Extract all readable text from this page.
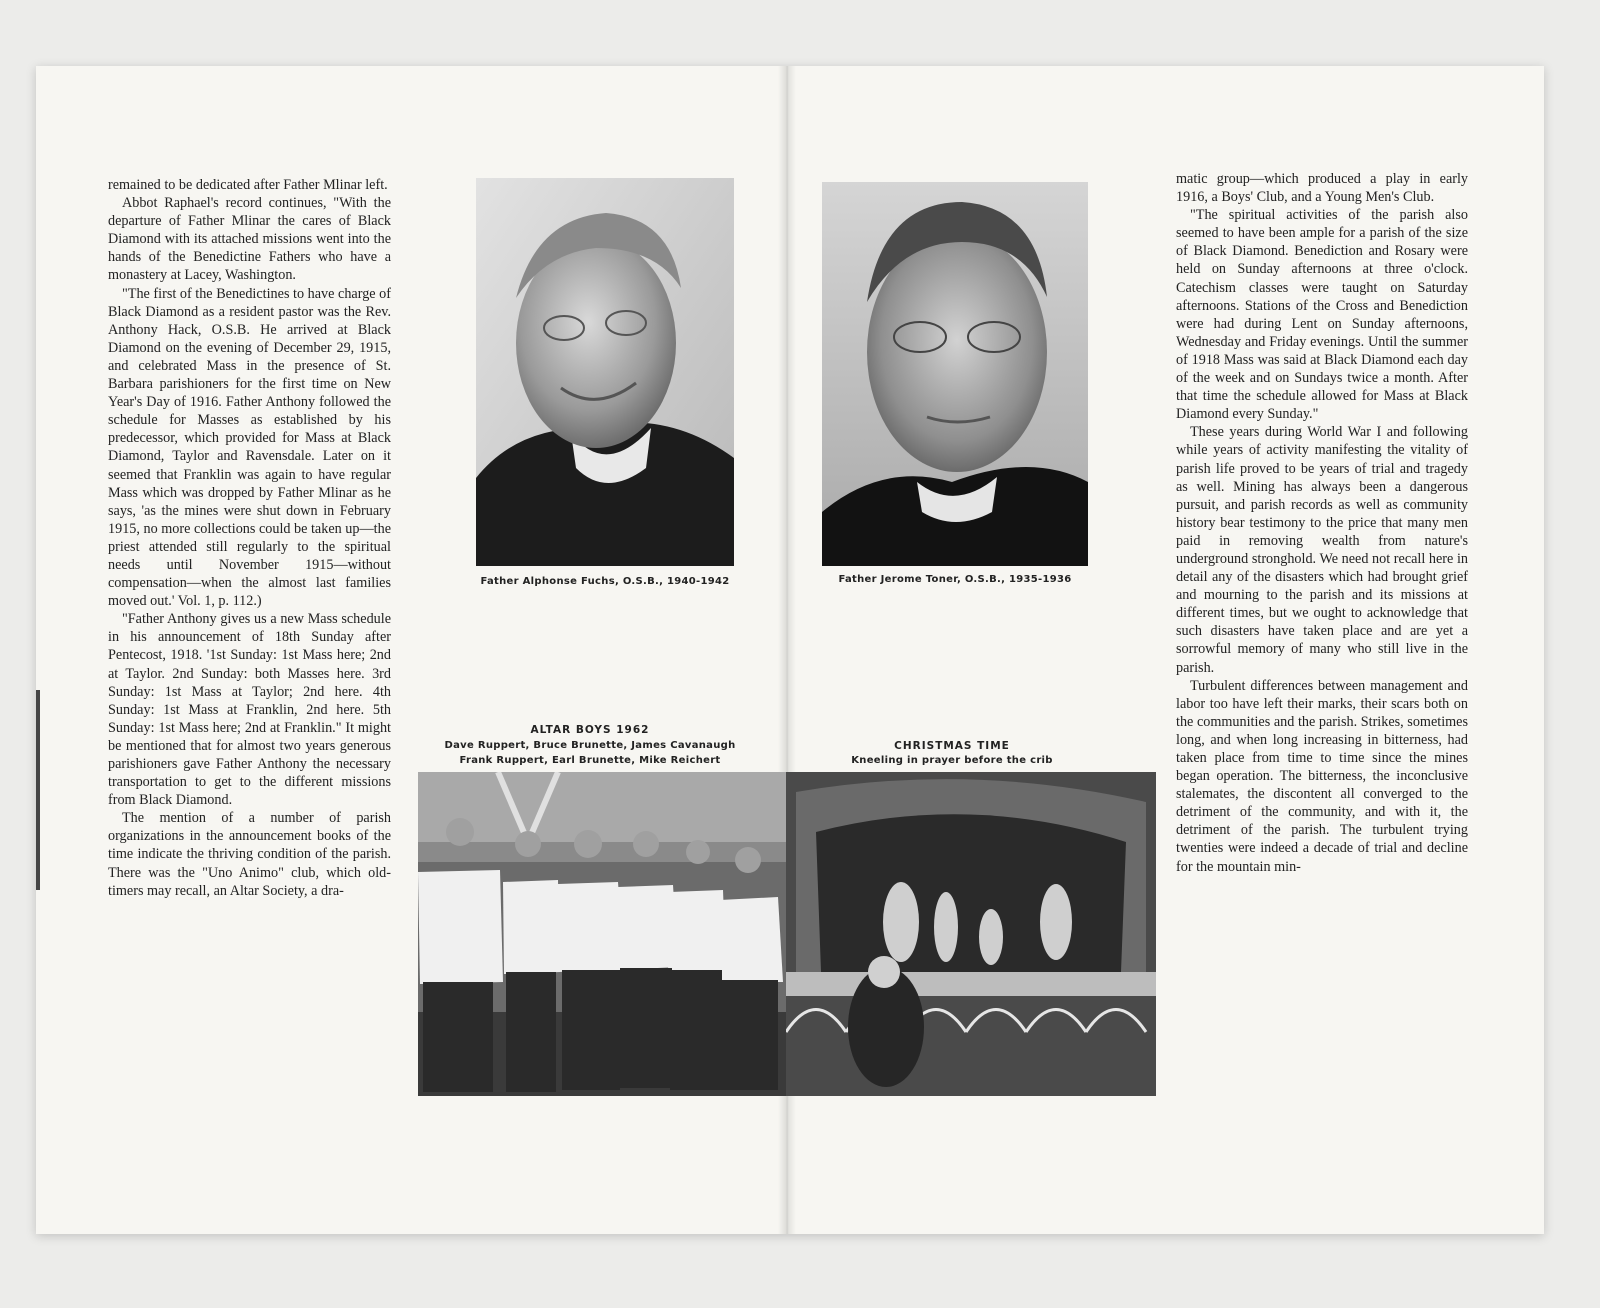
remained to be dedicated after Father Mlinar left.

Abbot Raphael's record continues, "With the departure of Father Mlinar the cares of Black Diamond with its attached missions went into the hands of the Benedictine Fathers who have a monastery at Lacey, Washington.

"The first of the Benedictines to have charge of Black Diamond as a resident pastor was the Rev. Anthony Hack, O.S.B. He arrived at Black Diamond on the evening of December 29, 1915, and celebrated Mass in the presence of St. Barbara parishioners for the first time on New Year's Day of 1916. Father Anthony followed the schedule for Masses as established by his predecessor, which provided for Mass at Black Diamond, Taylor and Ravensdale. Later on it seemed that Franklin was again to have regular Mass which was dropped by Father Mlinar as he says, 'as the mines were shut down in February 1915, no more collections could be taken up—the priest attended still regularly to the spiritual needs until November 1915—without compensation—when the almost last families moved out.' Vol. 1, p. 112.)

"Father Anthony gives us a new Mass schedule in his announcement of 18th Sunday after Pentecost, 1918. '1st Sunday: 1st Mass here; 2nd at Taylor. 2nd Sunday: both Masses here. 3rd Sunday: 1st Mass at Taylor; 2nd here. 4th Sunday: 1st Mass at Franklin, 2nd here. 5th Sunday: 1st Mass here; 2nd at Franklin." It might be mentioned that for almost two years generous parishioners gave Father Anthony the necessary transportation to get to the different missions from Black Diamond.

The mention of a number of parish organizations in the announcement books of the time indicate the thriving condition of the parish. There was the "Uno Animo" club, which old-timers may recall, an Altar Society, a dra-

matic group—which produced a play in early 1916, a Boys' Club, and a Young Men's Club.

"The spiritual activities of the parish also seemed to have been ample for a parish of the size of Black Diamond. Benediction and Rosary were held on Sunday afternoons at three o'clock. Catechism classes were taught on Saturday afternoons. Stations of the Cross and Benediction were had during Lent on Sunday afternoons, Wednesday and Friday evenings. Until the summer of 1918 Mass was said at Black Diamond each day of the week and on Sundays twice a month. After that time the schedule allowed for Mass at Black Diamond every Sunday."

These years during World War I and following while years of activity manifesting the vitality of parish life proved to be years of trial and tragedy as well. Mining has always been a dangerous pursuit, and parish records as well as community history bear testimony to the price that many men paid in removing wealth from nature's underground stronghold. We need not recall here in detail any of the disasters which had brought grief and mourning to the parish and its missions at different times, but we ought to acknowledge that such disasters have taken place and are yet a sorrowful memory of many who still live in the parish.

Turbulent differences between management and labor too have left their marks, their scars both on the communities and the parish. Strikes, sometimes long, and when long increasing in bitterness, had taken place from time to time since the mines began operation. The bitterness, the inconclusive stalemates, the discontent all converged to the detriment of the community, and with it, the detriment of the parish. The turbulent trying twenties were indeed a decade of trial and decline for the mountain min-

Father Alphonse Fuchs, O.S.B., 1940-1942	Father Jerome Toner, O.S.B., 1935-1936
ALTAR BOYS 1962
Dave Ruppert, Bruce Brunette, James Cavanaugh
Frank Ruppert, Earl Brunette, Mike Reichert
CHRISTMAS TIME
Kneeling in prayer before the crib
